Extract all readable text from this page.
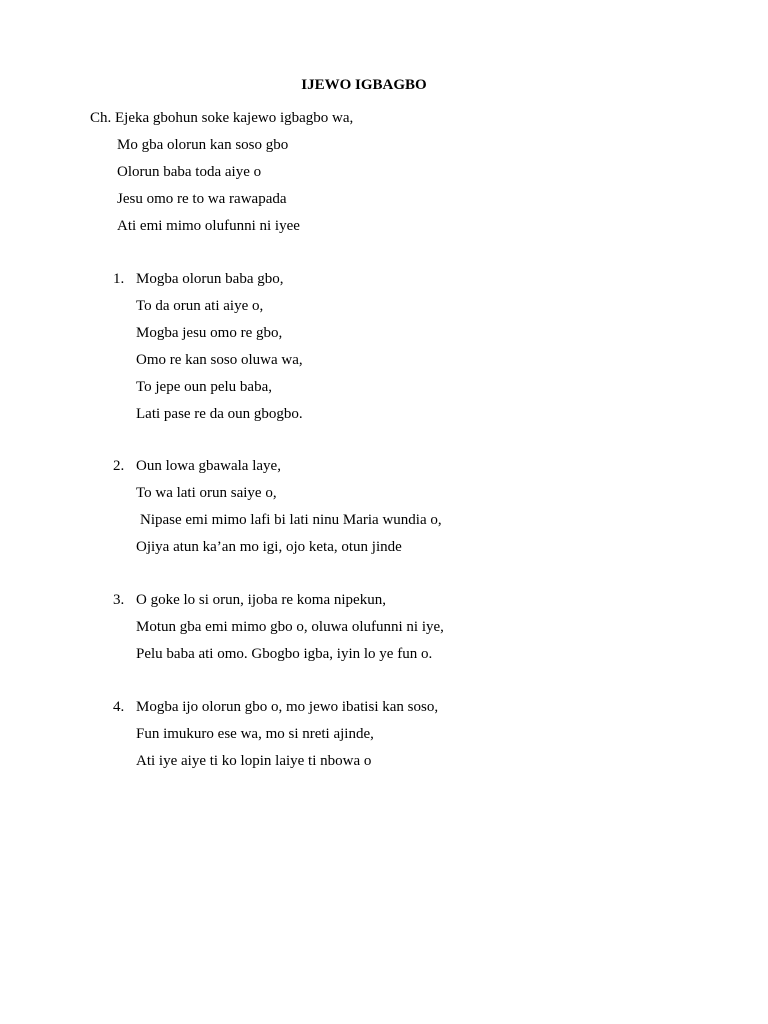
IJEWO IGBAGBO
Ch. Ejeka gbohun soke kajewo igbagbo wa,
Mo gba olorun kan soso gbo
Olorun baba toda aiye o
Jesu omo re to wa rawapada
Ati emi mimo olufunni ni iyee
1. Mogba olorun baba gbo,
To da orun ati aiye o,
Mogba jesu omo re gbo,
Omo re kan soso oluwa wa,
To jepe oun pelu baba,
Lati pase re da oun gbogbo.
2. Oun lowa gbawala laye,
To wa lati orun saiye o,
Nipase emi mimo lafi bi lati ninu Maria wundia o,
Ojiya atun ka’an mo igi, ojo keta, otun jinde
3. O goke lo si orun, ijoba re koma nipekun,
Motun gba emi mimo gbo o, oluwa olufunni ni iye,
Pelu baba ati omo. Gbogbo igba, iyin lo ye fun o.
4. Mogba ijo olorun gbo o, mo jewo ibatisi kan soso,
Fun imukuro ese wa, mo si nreti ajinde,
Ati iye aiye ti ko lopin laiye ti nbowa o
